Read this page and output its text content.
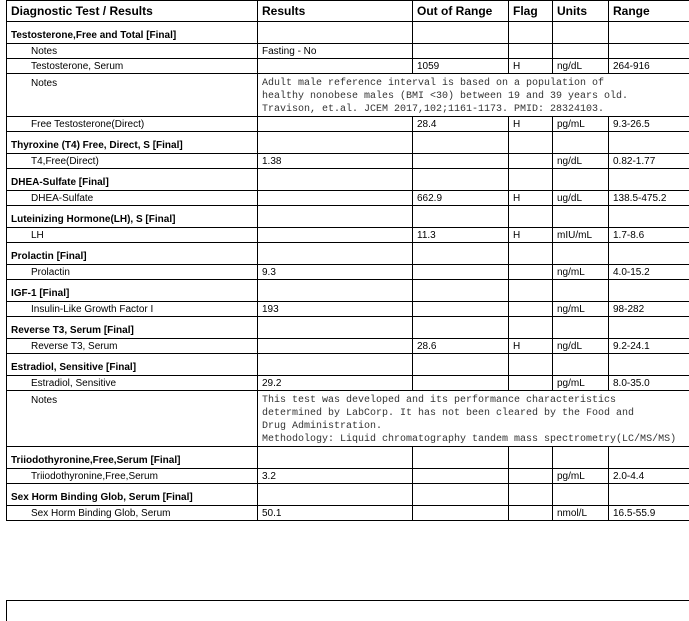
Diagnostic Test / Results	Results	Out of Range	Flag	Units	Range
Testosterone,Free and Total [Final]					
Notes	Fasting - No				
Testosterone, Serum		1059	H	ng/dL	264-916
Notes	Adult male reference interval is based on a population of
healthy nonobese males (BMI <30) between 19 and 39 years old.
Travison, et.al. JCEM 2017,102;1161-1173. PMID: 28324103.				

Free Testosterone(Direct)		28.4	H	pg/mL	9.3-26.5
Thyroxine (T4) Free, Direct, S [Final]					
T4,Free(Direct)	1.38			ng/dL	0.82-1.77
DHEA-Sulfate [Final]					
DHEA-Sulfate		662.9	H	ug/dL	138.5-475.2
Luteinizing Hormone(LH), S [Final]					
LH		11.3	H	mIU/mL	1.7-8.6
Prolactin [Final]					
Prolactin	9.3			ng/mL	4.0-15.2
IGF-1 [Final]					
Insulin-Like Growth Factor I	193			ng/mL	98-282
Reverse T3, Serum [Final]					
Reverse T3, Serum		28.6	H	ng/dL	9.2-24.1
Estradiol, Sensitive [Final]					
Estradiol, Sensitive	29.2			pg/mL	8.0-35.0
Notes	This test was developed and its performance characteristics
determined by LabCorp. It has not been cleared by the Food and
Drug Administration.
Methodology: Liquid chromatography tandem mass spectrometry(LC/MS/MS)				

Triiodothyronine,Free,Serum [Final]					
Triiodothyronine,Free,Serum	3.2			pg/mL	2.0-4.4
Sex Horm Binding Glob, Serum [Final]					
Sex Horm Binding Glob, Serum	50.1			nmol/L	16.5-55.9
